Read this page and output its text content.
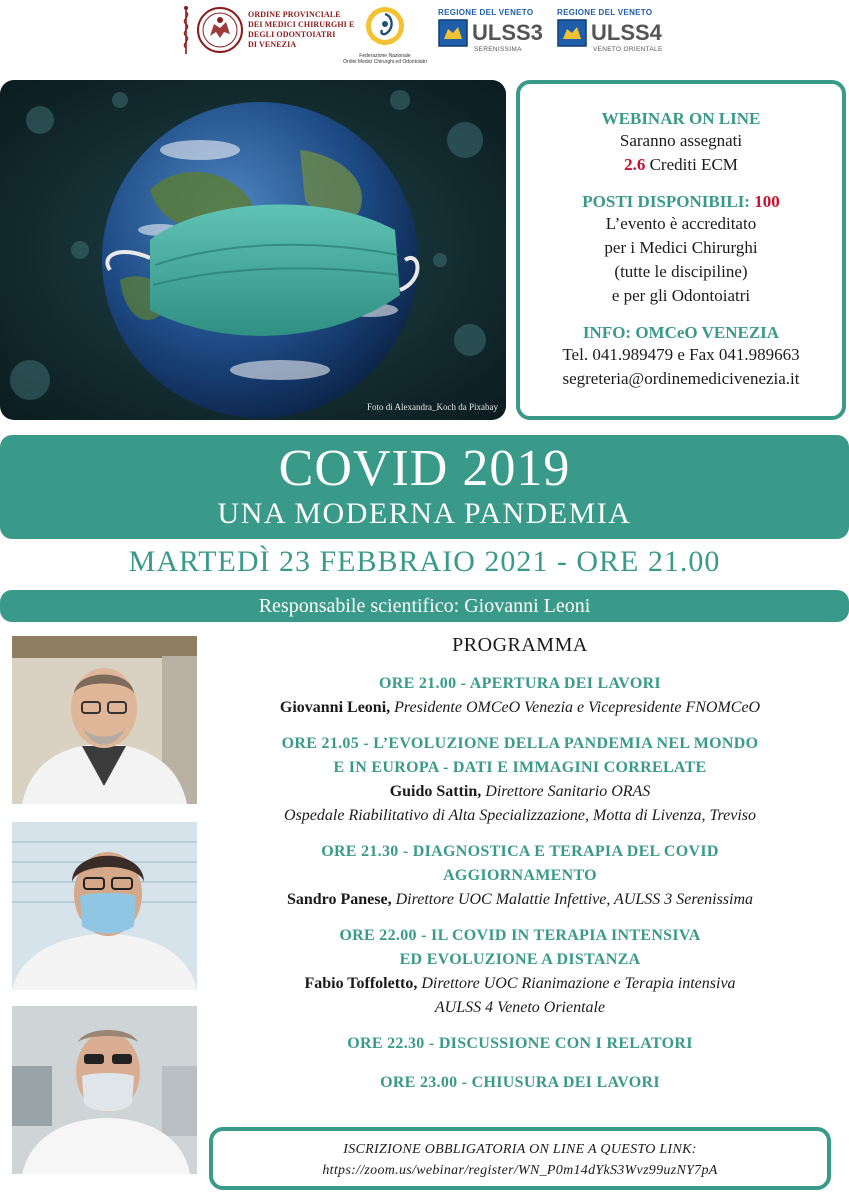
ORDINE PROVINCIALE
DEI MEDICI CHIRURGHI E
DEGLI ODONTOIATRI
DI VENEZIA
Federazione Nazionale
Ordini Medici Chirurghi ed Odontoiatri
REGIONE DEL VENETO
ULSS3
SERENISSIMA
REGIONE DEL VENETO
ULSS4
VENETO ORIENTALE
Foto di Alexandra_Koch da Pixabay
WEBINAR ON LINE
Saranno assegnati
2.6 Crediti ECM
POSTI DISPONIBILI: 100
L’evento è accreditato
per i Medici Chirurghi
(tutte le discipiline)
e per gli Odontoiatri
INFO: OMCeO VENEZIA
Tel. 041.989479 e Fax 041.989663
segreteria@ordinemedicivenezia.it
COVID 2019
UNA MODERNA PANDEMIA
MARTEDÌ 23 FEBBRAIO 2021 - ORE 21.00
Responsabile scientifico: Giovanni Leoni
PROGRAMMA
ORE 21.00 - APERTURA DEI LAVORI
Giovanni Leoni, Presidente OMCeO Venezia e Vicepresidente FNOMCeO
ORE 21.05 - L’EVOLUZIONE DELLA PANDEMIA NEL MONDO
E IN EUROPA - DATI E IMMAGINI CORRELATE
Guido Sattin, Direttore Sanitario ORAS
Ospedale Riabilitativo di Alta Specializzazione, Motta di Livenza, Treviso
ORE 21.30 - DIAGNOSTICA E TERAPIA DEL COVID
AGGIORNAMENTO
Sandro Panese, Direttore UOC Malattie Infettive, AULSS 3 Serenissima
ORE 22.00 - IL COVID IN TERAPIA INTENSIVA
ED EVOLUZIONE A DISTANZA
Fabio Toffoletto, Direttore UOC Rianimazione e Terapia intensiva
AULSS 4 Veneto Orientale
ORE 22.30 - DISCUSSIONE CON I RELATORI
ORE 23.00 - CHIUSURA DEI LAVORI
ISCRIZIONE OBBLIGATORIA ON LINE A QUESTO LINK:
https://zoom.us/webinar/register/WN_P0m14dYkS3Wvz99uzNY7pA
